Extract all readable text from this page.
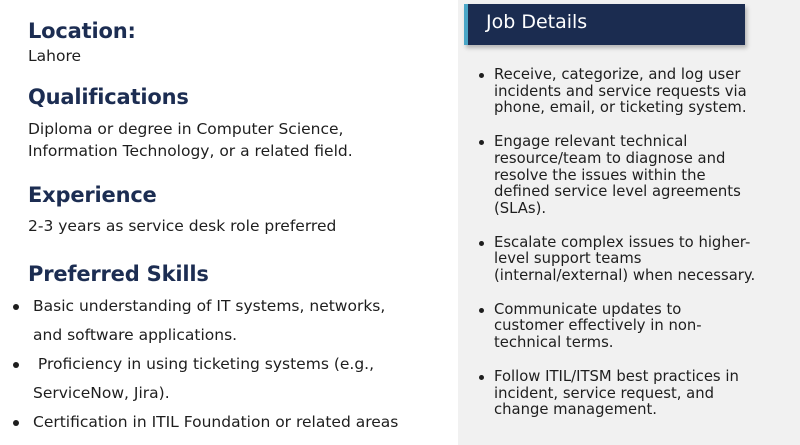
Location:

Lahore

Qualifications

Diploma or degree in Computer Science,

Information Technology, or a related field.

Experience

2-3 years as service desk role preferred

Preferred Skills
Basic understanding of IT systems, networks,
and software applications.
Proficiency in using ticketing systems (e.g.,
ServiceNow, Jira).
Certification in ITIL Foundation or related areas
Job Details
Receive, categorize, and log user
incidents and service requests via
phone, email, or ticketing system.
Engage relevant technical
resource/team to diagnose and
resolve the issues within the
defined service level agreements
(SLAs).
Escalate complex issues to higher-
level support teams
(internal/external) when necessary.
Communicate updates to
customer effectively in non-
technical terms.
Follow ITIL/ITSM best practices in
incident, service request, and
change management.
